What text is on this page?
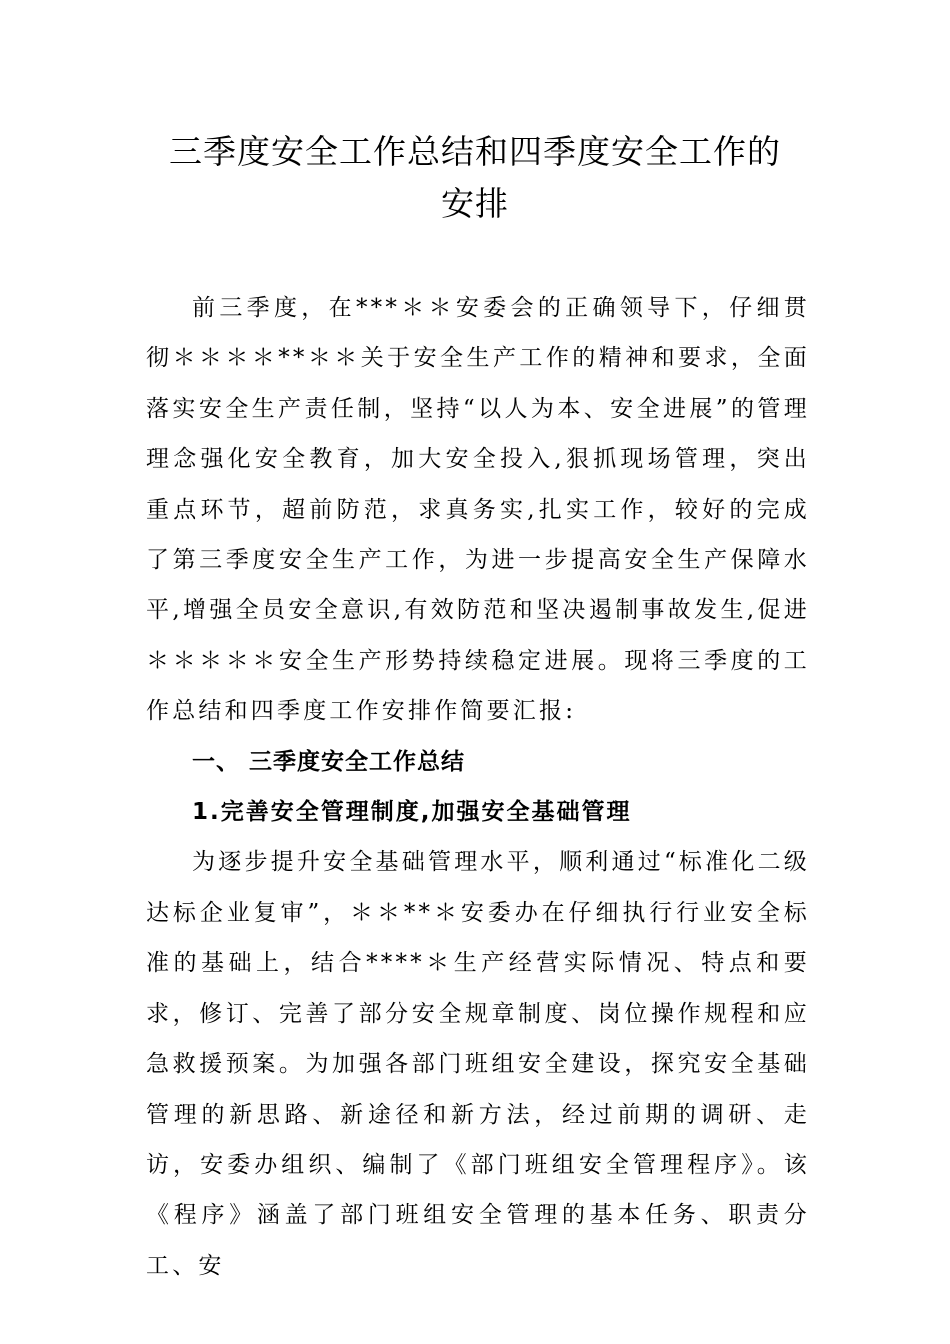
三季度安全工作总结和四季度安全工作的
安排

前三季度，在***＊＊安委会的正确领导下，仔细贯彻＊＊＊＊**＊＊关于安全生产工作的精神和要求，全面落实安全生产责任制，坚持“以人为本、安全进展”的管理理念强化安全教育，加大安全投入,狠抓现场管理，突出重点环节，超前防范，求真务实,扎实工作，较好的完成了第三季度安全生产工作，为进一步提高安全生产保障水平,增强全员安全意识,有效防范和坚决遏制事故发生,促进＊＊＊＊＊安全生产形势持续稳定进展。现将三季度的工作总结和四季度工作安排作简要汇报:

一、 三季度安全工作总结

1.完善安全管理制度,加强安全基础管理

为逐步提升安全基础管理水平，顺利通过“标准化二级达标企业复审”，＊＊**＊安委办在仔细执行行业安全标准的基础上，结合****＊生产经营实际情况、特点和要求，修订、完善了部分安全规章制度、岗位操作规程和应急救援预案。为加强各部门班组安全建设，探究安全基础管理的新思路、新途径和新方法，经过前期的调研、走访，安委办组织、编制了《部门班组安全管理程序》。该《程序》涵盖了部门班组安全管理的基本任务、职责分工、安
